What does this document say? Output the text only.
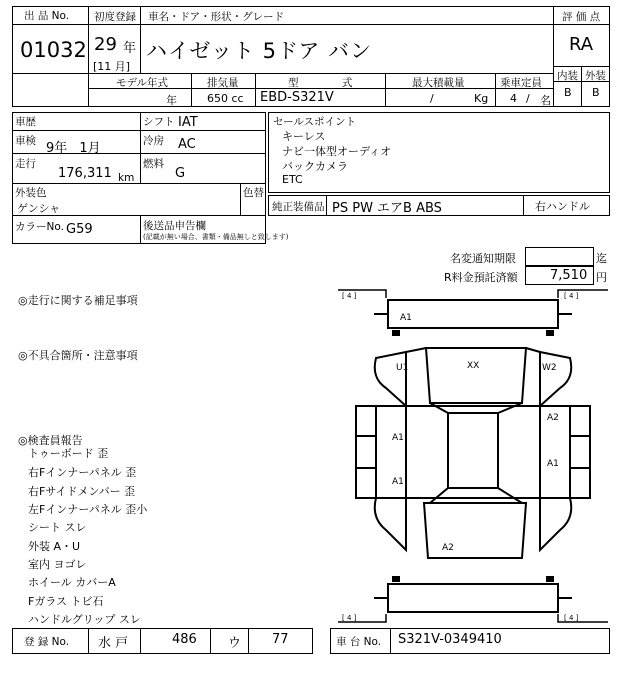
出 品 No.
01032
初度登録
29 年
[11 月]
車名・ドア・形状・グレード
ハイゼット 5ドア バン
評 価 点
RA
内装 外装
B B
モデル年式
年
排気量
650 cc
型 式
EBD-S321V
最大積載量
/	Kg
乗車定員
4 / 名
車歴	シフト IAT
車検 9年 1月	冷房 AC
走行
176,311 km
燃料
G
外装色
ゲンシャ
色替
カラーNo. G59	後送品申告欄
(記載が無い場合、書類・備品無しと致します)
セールスポイント
キーレス
ナビ一体型オーディオ
バックカメラ
ETC
純正装備品 PS PW エアB ABS	右ハンドル
名変通知期限	迄
R料金預託済額 7,510 円
◎走行に関する補足事項
◎不具合箇所・注意事項
◎検査員報告
トゥーボード 歪
右Fインナーパネル 歪
右Fサイドメンバー 歪
左Fインナーパネル 歪小
シート スレ
外装 A・U
室内 ヨゴレ
ホイール カバーA
Fガラス トビ石
ハンドルグリップ スレ
[ 4 ]	[ 4 ]
[ 4 ]	[ 4 ]
A1
U1	XX	W2
A2
A1
A1
A1
A2
登 録 No. 水 戸	486 ウ 77	車 台 No. S321V-0349410
